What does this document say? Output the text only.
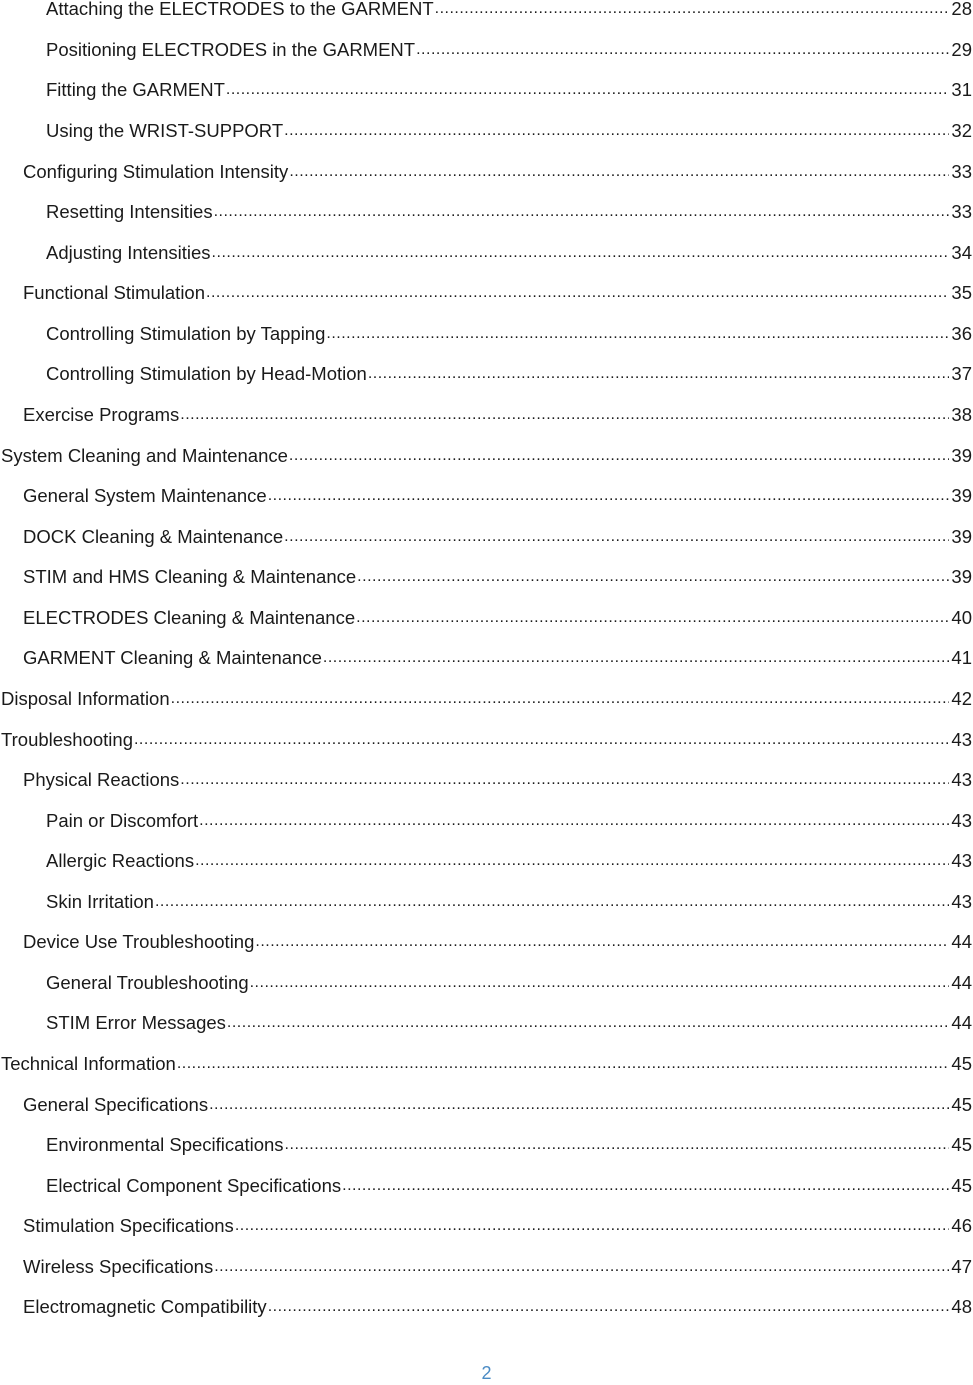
Attaching the ELECTRODES to the GARMENT .....	28
Positioning ELECTRODES in the GARMENT .....	29
Fitting the GARMENT .....	31
Using the WRIST-SUPPORT .....	32
Configuring Stimulation Intensity .....	33
Resetting Intensities .....	33
Adjusting Intensities .....	34
Functional Stimulation .....	35
Controlling Stimulation by Tapping .....	36
Controlling Stimulation by Head-Motion .....	37
Exercise Programs .....	38
System Cleaning and Maintenance .....	39
General System Maintenance .....	39
DOCK Cleaning & Maintenance .....	39
STIM and HMS Cleaning & Maintenance .....	39
ELECTRODES Cleaning & Maintenance .....	40
GARMENT Cleaning & Maintenance .....	41
Disposal Information .....	42
Troubleshooting .....	43
Physical Reactions .....	43
Pain or Discomfort .....	43
Allergic Reactions .....	43
Skin Irritation .....	43
Device Use Troubleshooting .....	44
General Troubleshooting .....	44
STIM Error Messages .....	44
Technical Information .....	45
General Specifications .....	45
Environmental Specifications .....	45
Electrical Component Specifications .....	45
Stimulation Specifications .....	46
Wireless Specifications .....	47
Electromagnetic Compatibility .....	48
2
